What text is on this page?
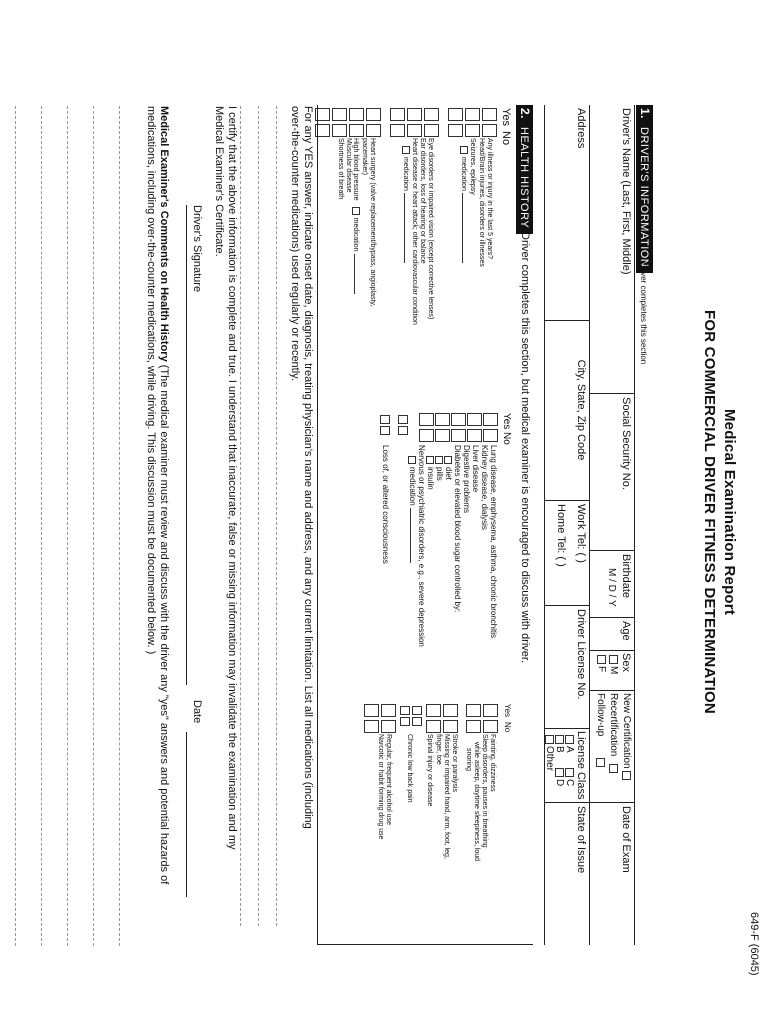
649-F (6045)
Medical Examination Report
FOR COMMERCIAL DRIVER FITNESS DETERMINATION
1.DRIVER'S INFORMATION
Driver completes this section
Driver's Name (Last, First, Middle)
Social Security No.
Birthdate
M / D / Y
Age
Sex
M
F
New Certification
Recertification
Follow-up
Date of Exam
Address
City, State, Zip Code
Work Tel: ( )
Home Tel: ( )
Driver License No.
License Class
A
C
B
D
Other
State of Issue
2.HEALTH HISTORY
Driver completes this section, but medical examiner is encouraged to discuss with driver.
Yes
No
Any illness or injury in the last 5 years?
Head/Brain injuries, disorders or illnesses
Seizures, epilepsy
medication
Eye disorders or impaired vision (except corrective lenses)
Ear disorders, loss of hearing or balance
Heart disease or heart attack; other cardiovascular condition
medication
Heart surgery (valve replacement/bypass, angioplasty,
pacemaker)
High blood pressuremedication
Muscular disease
Shortness of breath
Yes
No
Lung disease, emphysema, asthma, chronic bronchitis
Kidney disease, dialysis
Liver disease
Digestive problems
Diabetes or elevated blood sugar controlled by:
diet
pills
insulin
Nervous or psychiatric disorders, e.g., severe depression
medication
Loss of, or altered consciousness
Yes
No
Fainting, dizziness
Sleep disorders, pauses in breathing
while asleep, daytime sleepiness, loud
snoring
Stroke or paralysis
Missing or impaired hand, arm, foot, leg,
finger, toe
Spinal injury or disease
Chronic low back pain
Regular, frequent alcohol use
Narcotic or habit forming drug use
For any YES answer, indicate onset date, diagnosis, treating physician's name and address, and any current limitation. List all medications (including
over-the-counter medications) used regularly or recently.
I certify that the above information is complete and true. I understand that inaccurate, false or missing information may invalidate the examination and my
Medical Examiner's Certificate.
Driver's Signature
Date
Medical Examiner's Comments on Health History (The medical examiner must review and discuss with the driver any "yes" answers and potential hazards of
medications, including over-the-counter medications, while driving. This discussion must be documented below. )
